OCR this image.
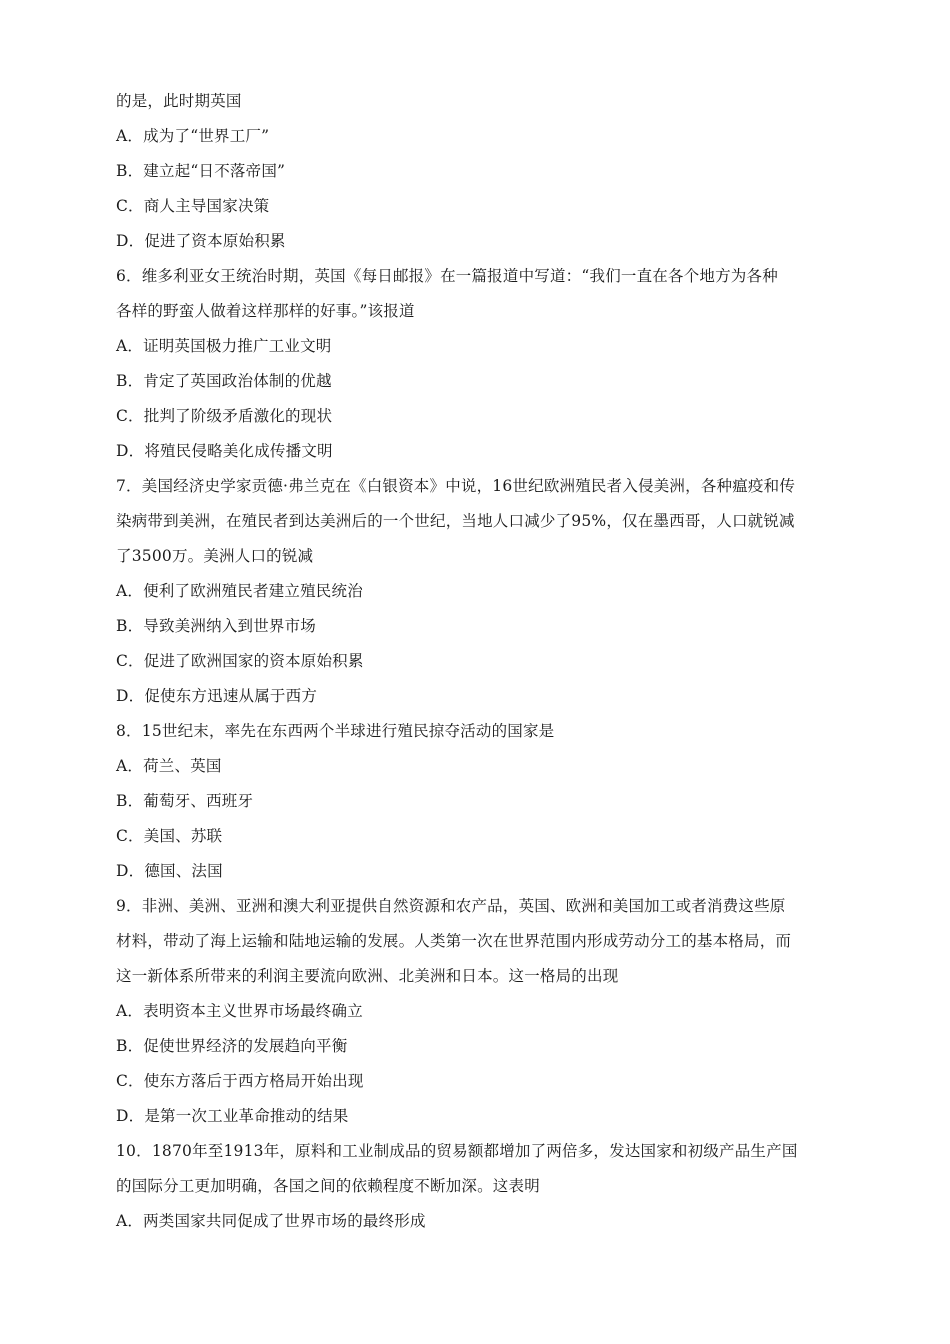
的是，此时期英国
A．成为了“世界工厂”
B．建立起“日不落帝国”
C．商人主导国家决策
D．促进了资本原始积累
6．维多利亚女王统治时期，英国《每日邮报》在一篇报道中写道：“我们一直在各个地方为各种
各样的野蛮人做着这样那样的好事。”该报道
A．证明英国极力推广工业文明
B．肯定了英国政治体制的优越
C．批判了阶级矛盾激化的现状
D．将殖民侵略美化成传播文明
7．美国经济史学家贡德·弗兰克在《白银资本》中说，16世纪欧洲殖民者入侵美洲，各种瘟疫和传
染病带到美洲，在殖民者到达美洲后的一个世纪，当地人口减少了95%，仅在墨西哥，人口就锐减
了3500万。美洲人口的锐减
A．便利了欧洲殖民者建立殖民统治
B．导致美洲纳入到世界市场
C．促进了欧洲国家的资本原始积累
D．促使东方迅速从属于西方
8．15世纪末，率先在东西两个半球进行殖民掠夺活动的国家是
A．荷兰、英国
B．葡萄牙、西班牙
C．美国、苏联
D．德国、法国
9．非洲、美洲、亚洲和澳大利亚提供自然资源和农产品，英国、欧洲和美国加工或者消费这些原
材料，带动了海上运输和陆地运输的发展。人类第一次在世界范围内形成劳动分工的基本格局，而
这一新体系所带来的利润主要流向欧洲、北美洲和日本。这一格局的出现
A．表明资本主义世界市场最终确立
B．促使世界经济的发展趋向平衡
C．使东方落后于西方格局开始出现
D．是第一次工业革命推动的结果
10．1870年至1913年，原料和工业制成品的贸易额都增加了两倍多，发达国家和初级产品生产国
的国际分工更加明确，各国之间的依赖程度不断加深。这表明
A．两类国家共同促成了世界市场的最终形成
